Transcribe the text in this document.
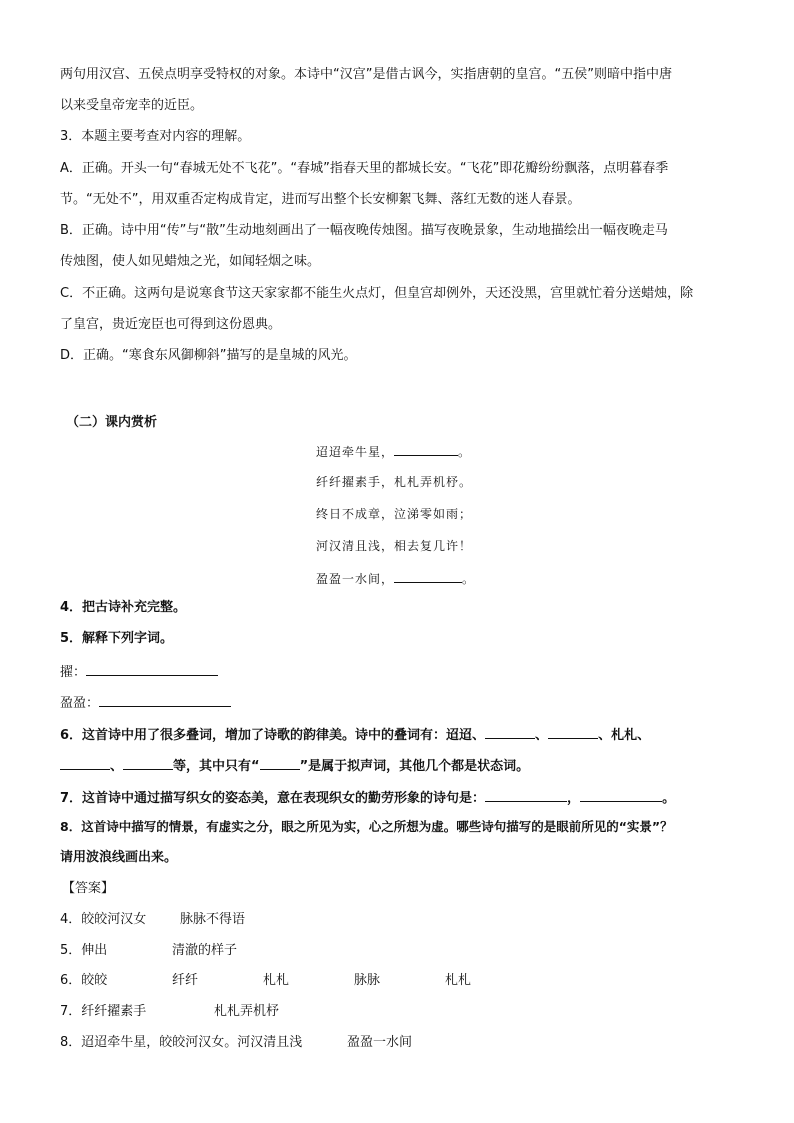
两句用汉宫、五侯点明享受特权的对象。本诗中“汉宫”是借古讽今，实指唐朝的皇宫。“五侯”则暗中指中唐
以来受皇帝宠幸的近臣。
3．本题主要考查对内容的理解。
A．正确。开头一句“春城无处不飞花”。“春城”指春天里的都城长安。“飞花”即花瓣纷纷飘落，点明暮春季
节。“无处不”，用双重否定构成肯定，进而写出整个长安柳絮飞舞、落红无数的迷人春景。
B．正确。诗中用“传”与“散”生动地刻画出了一幅夜晚传烛图。描写夜晚景象，生动地描绘出一幅夜晚走马
传烛图，使人如见蜡烛之光，如闻轻烟之味。
C．不正确。这两句是说寒食节这天家家都不能生火点灯，但皇宫却例外，天还没黑，宫里就忙着分送蜡烛，除
了皇宫，贵近宠臣也可得到这份恩典。
D．正确。“寒食东风御柳斜”描写的是皇城的风光。
（二）课内赏析
迢迢牵牛星，	。
纤纤擢素手，札札弄机杼。
终日不成章，泣涕零如雨；
河汉清且浅，相去复几许！
盈盈一水间，	。
4．把古诗补充完整。
5．解释下列字词。
擢：
盈盈：
6．这首诗中用了很多叠词，增加了诗歌的韵律美。诗中的叠词有：迢迢、	、	、札札、
、	等，其中只有“	”是属于拟声词，其他几个都是状态词。
7．这首诗中通过描写织女的姿态美，意在表现织女的勤劳形象的诗句是：	，	。
8．这首诗中描写的情景，有虚实之分，眼之所见为实，心之所想为虚。哪些诗句描写的是眼前所见的“实景”？
请用波浪线画出来。
【答案】
4．皎皎河汉女	脉脉不得语
5．伸出	清澈的样子
6．皎皎	纤纤	札札	脉脉	札札
7．纤纤擢素手	札札弄机杼
8．迢迢牵牛星，皎皎河汉女。河汉清且浅	盈盈一水间
